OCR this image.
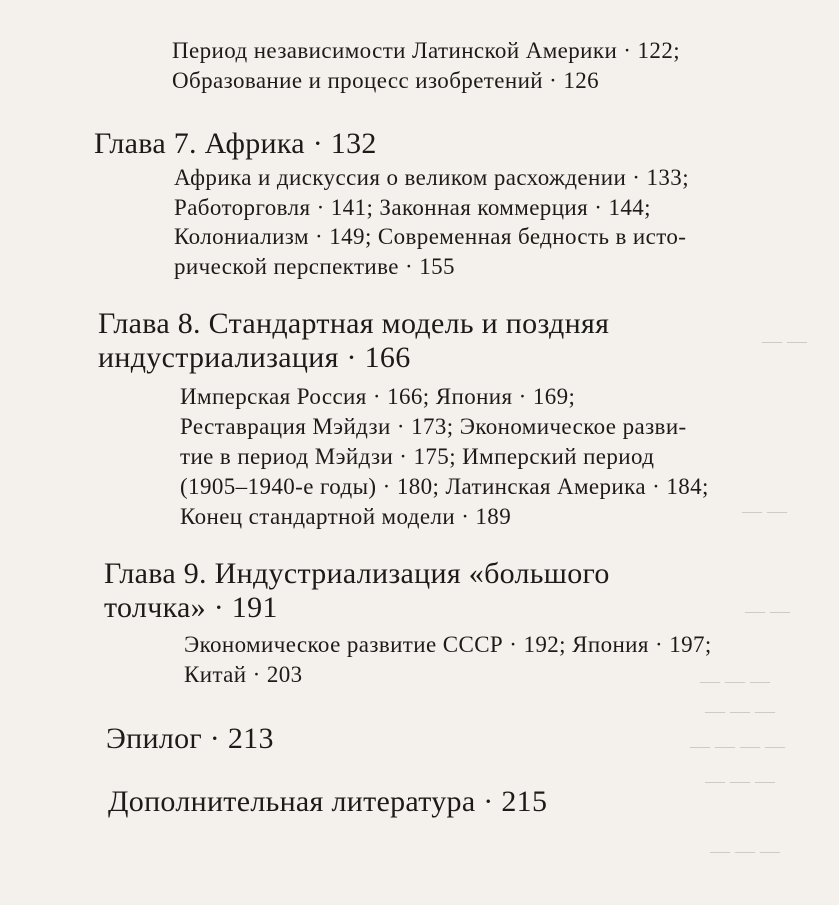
— —
— —
— —
— — —
— — —
— — — —
— — —
— — —
Период независимости Латинской Америки · 122;
Образование и процесс изобретений · 126
Глава 7. Африка · 132
Африка и дискуссия о великом расхождении · 133;
Работорговля · 141; Законная коммерция · 144;
Колониализм · 149; Современная бедность в исто-
рической перспективе · 155
Глава 8. Стандартная модель и поздняя
индустриализация · 166
Имперская Россия · 166; Япония · 169;
Реставрация Мэйдзи · 173; Экономическое разви-
тие в период Мэйдзи · 175; Имперский период
(1905–1940-е годы) · 180; Латинская Америка · 184;
Конец стандартной модели · 189
Глава 9. Индустриализация «большого
толчка» · 191
Экономическое развитие СССР · 192; Япония · 197;
Китай · 203
Эпилог · 213
Дополнительная литература · 215
